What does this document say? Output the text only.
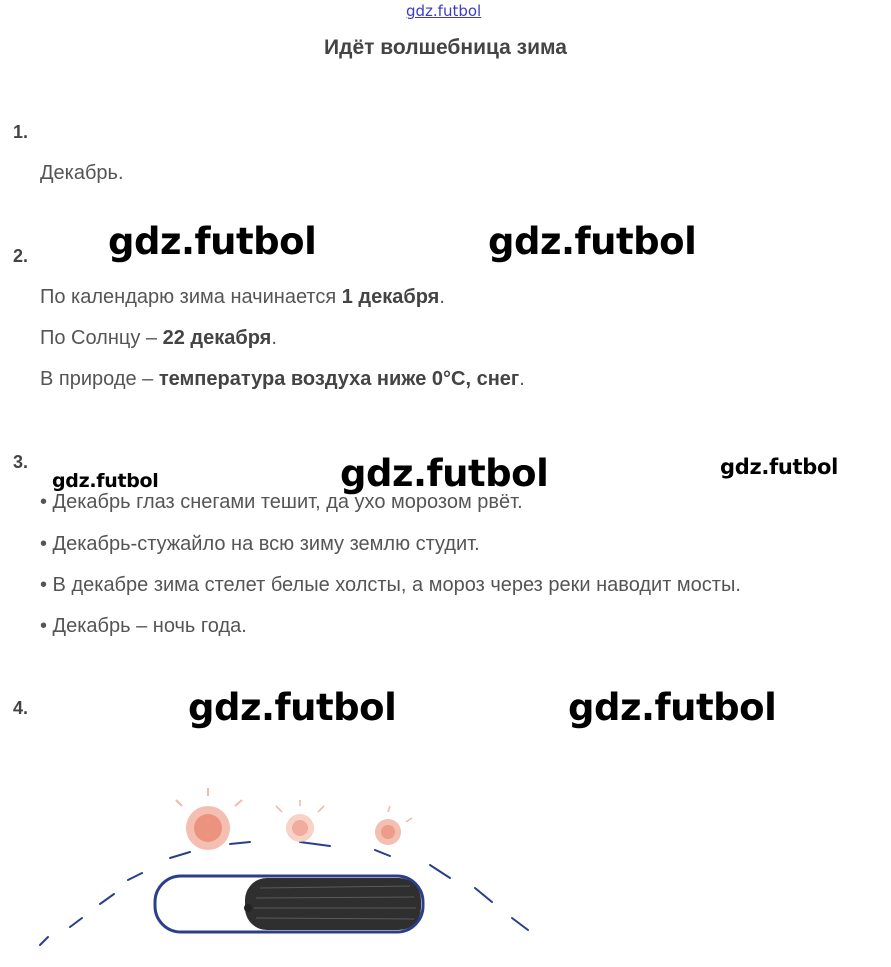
gdz.futbol
Идёт волшебница зима
1.
Декабрь.
2. gdz.futbol	gdz.futbol
По календарю зима начинается 1 декабря.
По Солнцу – 22 декабря.
В природе – температура воздуха ниже 0°С, снег.
3.	gdz.futbol	gdz.futbol
• Декабрь глаз снегами тешит, да ухо морозом рвёт.
gdz.futbol
• Декабрь-стужайло на всю зиму землю студит.
• В декабре зима стелет белые холсты, а мороз через реки наводит мосты.
• Декабрь – ночь года.
4.	gdz.futbol	gdz.futbol
